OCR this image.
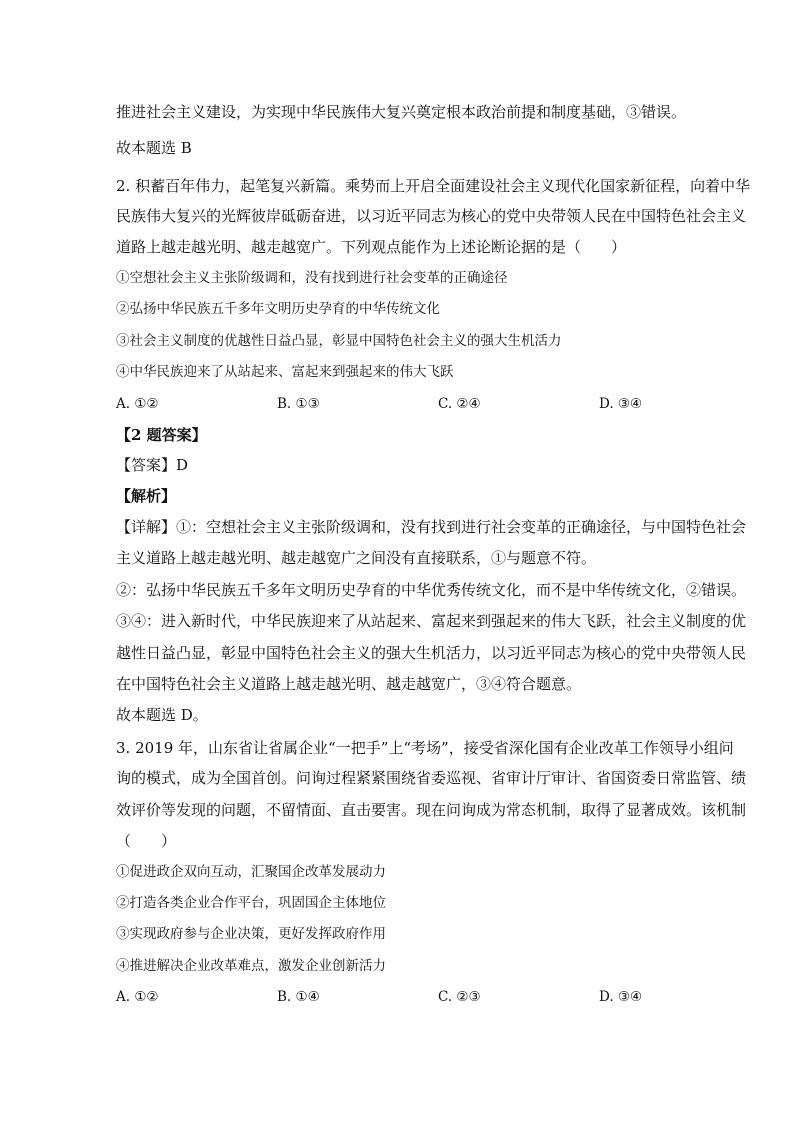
推进社会主义建设，为实现中华民族伟大复兴奠定根本政治前提和制度基础，③错误。
故本题选 B
2. 积蓄百年伟力，起笔复兴新篇。乘势而上开启全面建设社会主义现代化国家新征程，向着中华
民族伟大复兴的光辉彼岸砥砺奋进，以习近平同志为核心的党中央带领人民在中国特色社会主义
道路上越走越光明、越走越宽广。下列观点能作为上述论断论据的是（　　）
①空想社会主义主张阶级调和，没有找到进行社会变革的正确途径
②弘扬中华民族五千多年文明历史孕育的中华传统文化
③社会主义制度的优越性日益凸显，彰显中国特色社会主义的强大生机活力
④中华民族迎来了从站起来、富起来到强起来的伟大飞跃
A. ①②	B. ①③	C. ②④	D. ③④
【2 题答案】
【答案】D
【解析】
【详解】①：空想社会主义主张阶级调和，没有找到进行社会变革的正确途径，与中国特色社会
主义道路上越走越光明、越走越宽广之间没有直接联系，①与题意不符。
②：弘扬中华民族五千多年文明历史孕育的中华优秀传统文化，而不是中华传统文化，②错误。
③④：进入新时代，中华民族迎来了从站起来、富起来到强起来的伟大飞跃，社会主义制度的优
越性日益凸显，彰显中国特色社会主义的强大生机活力，以习近平同志为核心的党中央带领人民
在中国特色社会主义道路上越走越光明、越走越宽广，③④符合题意。
故本题选 D。
3. 2019 年，山东省让省属企业“一把手”上“考场”，接受省深化国有企业改革工作领导小组问
询的模式，成为全国首创。问询过程紧紧围绕省委巡视、省审计厅审计、省国资委日常监管、绩
效评价等发现的问题，不留情面、直击要害。现在问询成为常态机制，取得了显著成效。该机制
（　　）
①促进政企双向互动，汇聚国企改革发展动力
②打造各类企业合作平台，巩固国企主体地位
③实现政府参与企业决策，更好发挥政府作用
④推进解决企业改革难点，激发企业创新活力
A. ①②	B. ①④	C. ②③	D. ③④
